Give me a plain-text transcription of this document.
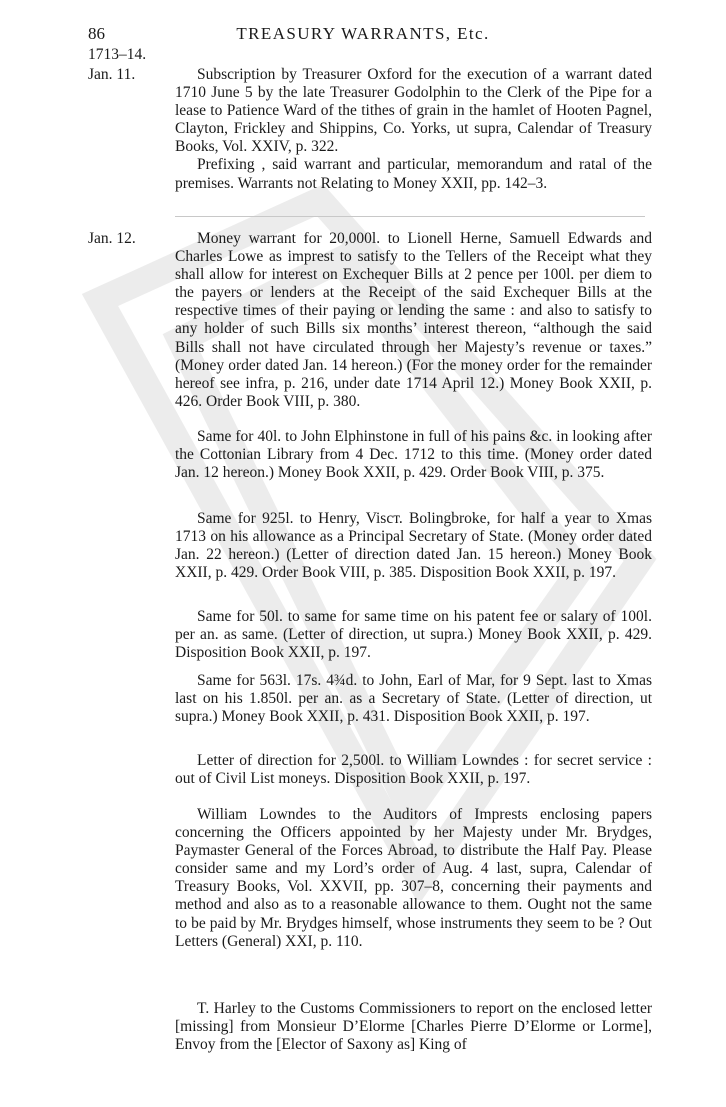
86	TREASURY WARRANTS, Etc.
1713–14.
Jan. 11.	Subscription by Treasurer Oxford for the execution of a warrant dated 1710 June 5 by the late Treasurer Godolphin to the Clerk of the Pipe for a lease to Patience Ward of the tithes of grain in the hamlet of Hooten Pagnel, Clayton, Frickley and Shippins, Co. Yorks, ut supra, Calendar of Treasury Books, Vol. XXIV, p. 322.

Prefixing , said warrant and particular, memorandum and ratal of the premises. Warrants not Relating to Money XXII, pp. 142–3.

Jan. 12.	Money warrant for 20,000l. to Lionell Herne, Samuell Edwards and Charles Lowe as imprest to satisfy to the Tellers of the Receipt what they shall allow for interest on Exchequer Bills at 2 pence per 100l. per diem to the payers or lenders at the Receipt of the said Exchequer Bills at the respective times of their paying or lending the same : and also to satisfy to any holder of such Bills six months’ interest thereon, “although the said Bills shall not have circulated through her Majesty’s revenue or taxes.” (Money order dated Jan. 14 hereon.) (For the money order for the remainder hereof see infra, p. 216, under date 1714 April 12.) Money Book XXII, p. 426. Order Book VIII, p. 380.

Same for 40l. to John Elphinstone in full of his pains &c. in looking after the Cottonian Library from 4 Dec. 1712 to this time. (Money order dated Jan. 12 hereon.) Money Book XXII, p. 429. Order Book VIII, p. 375.

Same for 925l. to Henry, Viscт. Bolingbroke, for half a year to Xmas 1713 on his allowance as a Principal Secretary of State. (Money order dated Jan. 22 hereon.) (Letter of direction dated Jan. 15 hereon.) Money Book XXII, p. 429. Order Book VIII, p. 385. Disposition Book XXII, p. 197.

Same for 50l. to same for same time on his patent fee or salary of 100l. per an. as same. (Letter of direction, ut supra.) Money Book XXII, p. 429. Disposition Book XXII, p. 197.

Same for 563l. 17s. 4¾d. to John, Earl of Mar, for 9 Sept. last to Xmas last on his 1.850l. per an. as a Secretary of State. (Letter of direction, ut supra.) Money Book XXII, p. 431. Disposition Book XXII, p. 197.

Letter of direction for 2,500l. to William Lowndes : for secret service : out of Civil List moneys. Disposition Book XXII, p. 197.

William Lowndes to the Auditors of Imprests enclosing papers concerning the Officers appointed by her Majesty under Mr. Brydges, Paymaster General of the Forces Abroad, to distribute the Half Pay. Please consider same and my Lord’s order of Aug. 4 last, supra, Calendar of Treasury Books, Vol. XXVII, pp. 307–8, concerning their payments and method and also as to a reasonable allowance to them. Ought not the same to be paid by Mr. Brydges himself, whose instruments they seem to be ? Out Letters (General) XXI, p. 110.

T. Harley to the Customs Commissioners to report on the enclosed letter [missing] from Monsieur D’Elorme [Charles Pierre D’Elorme or Lorme], Envoy from the [Elector of Saxony as] King of
